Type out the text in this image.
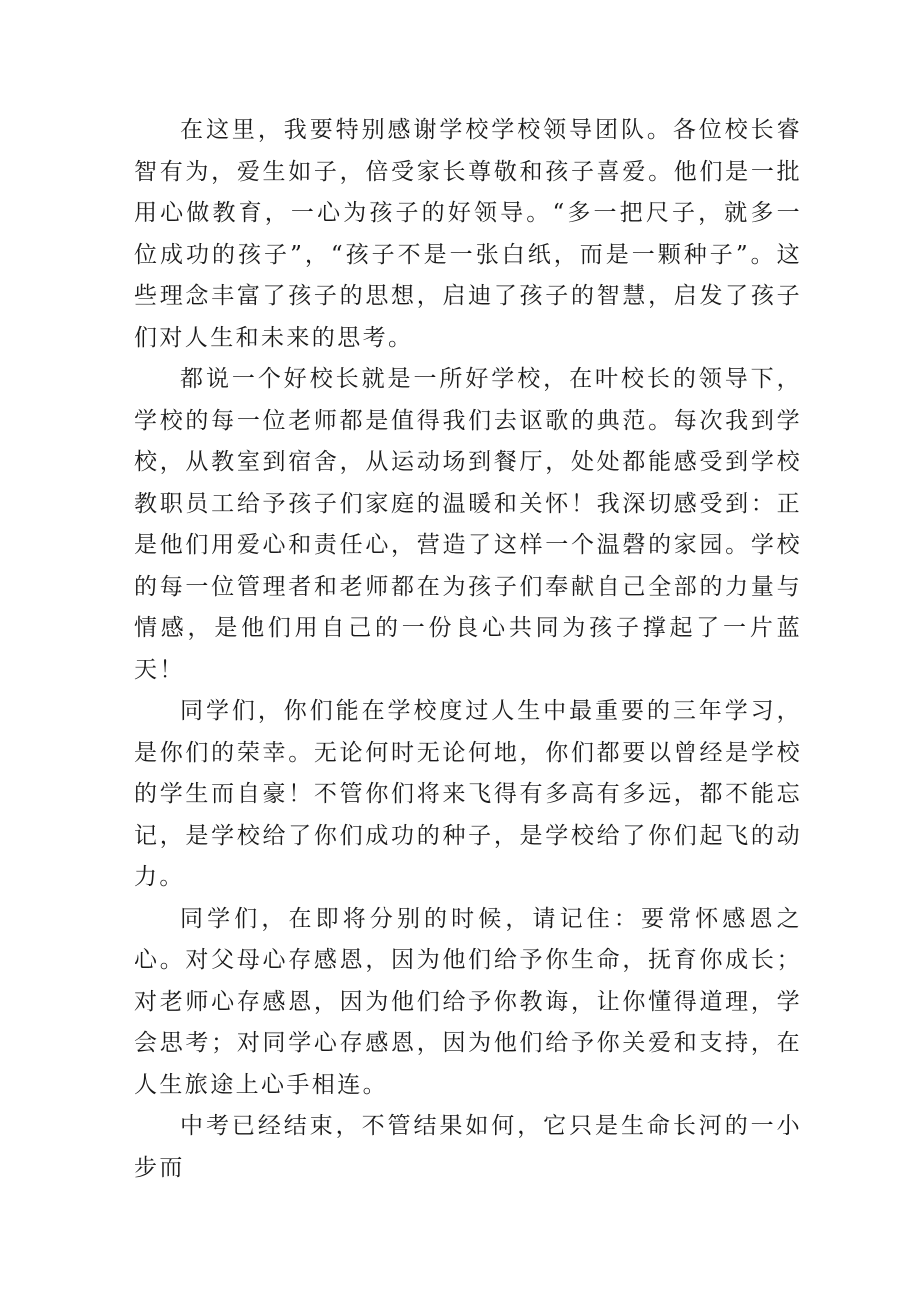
在这里，我要特别感谢学校学校领导团队。各位校长睿智有为，爱生如子，倍受家长尊敬和孩子喜爱。他们是一批用心做教育，一心为孩子的好领导。“多一把尺子，就多一位成功的孩子”，“孩子不是一张白纸，而是一颗种子”。这些理念丰富了孩子的思想，启迪了孩子的智慧，启发了孩子们对人生和未来的思考。

都说一个好校长就是一所好学校，在叶校长的领导下，学校的每一位老师都是值得我们去讴歌的典范。每次我到学校，从教室到宿舍，从运动场到餐厅，处处都能感受到学校教职员工给予孩子们家庭的温暖和关怀！我深切感受到：正是他们用爱心和责任心，营造了这样一个温磬的家园。学校的每一位管理者和老师都在为孩子们奉献自己全部的力量与情感，是他们用自己的一份良心共同为孩子撑起了一片蓝天！

同学们，你们能在学校度过人生中最重要的三年学习，是你们的荣幸。无论何时无论何地，你们都要以曾经是学校的学生而自豪！不管你们将来飞得有多高有多远，都不能忘记，是学校给了你们成功的种子，是学校给了你们起飞的动力。

同学们，在即将分别的时候，请记住：要常怀感恩之心。对父母心存感恩，因为他们给予你生命，抚育你成长；对老师心存感恩，因为他们给予你教诲，让你懂得道理，学会思考；对同学心存感恩，因为他们给予你关爱和支持，在人生旅途上心手相连。

中考已经结束，不管结果如何，它只是生命长河的一小步而
